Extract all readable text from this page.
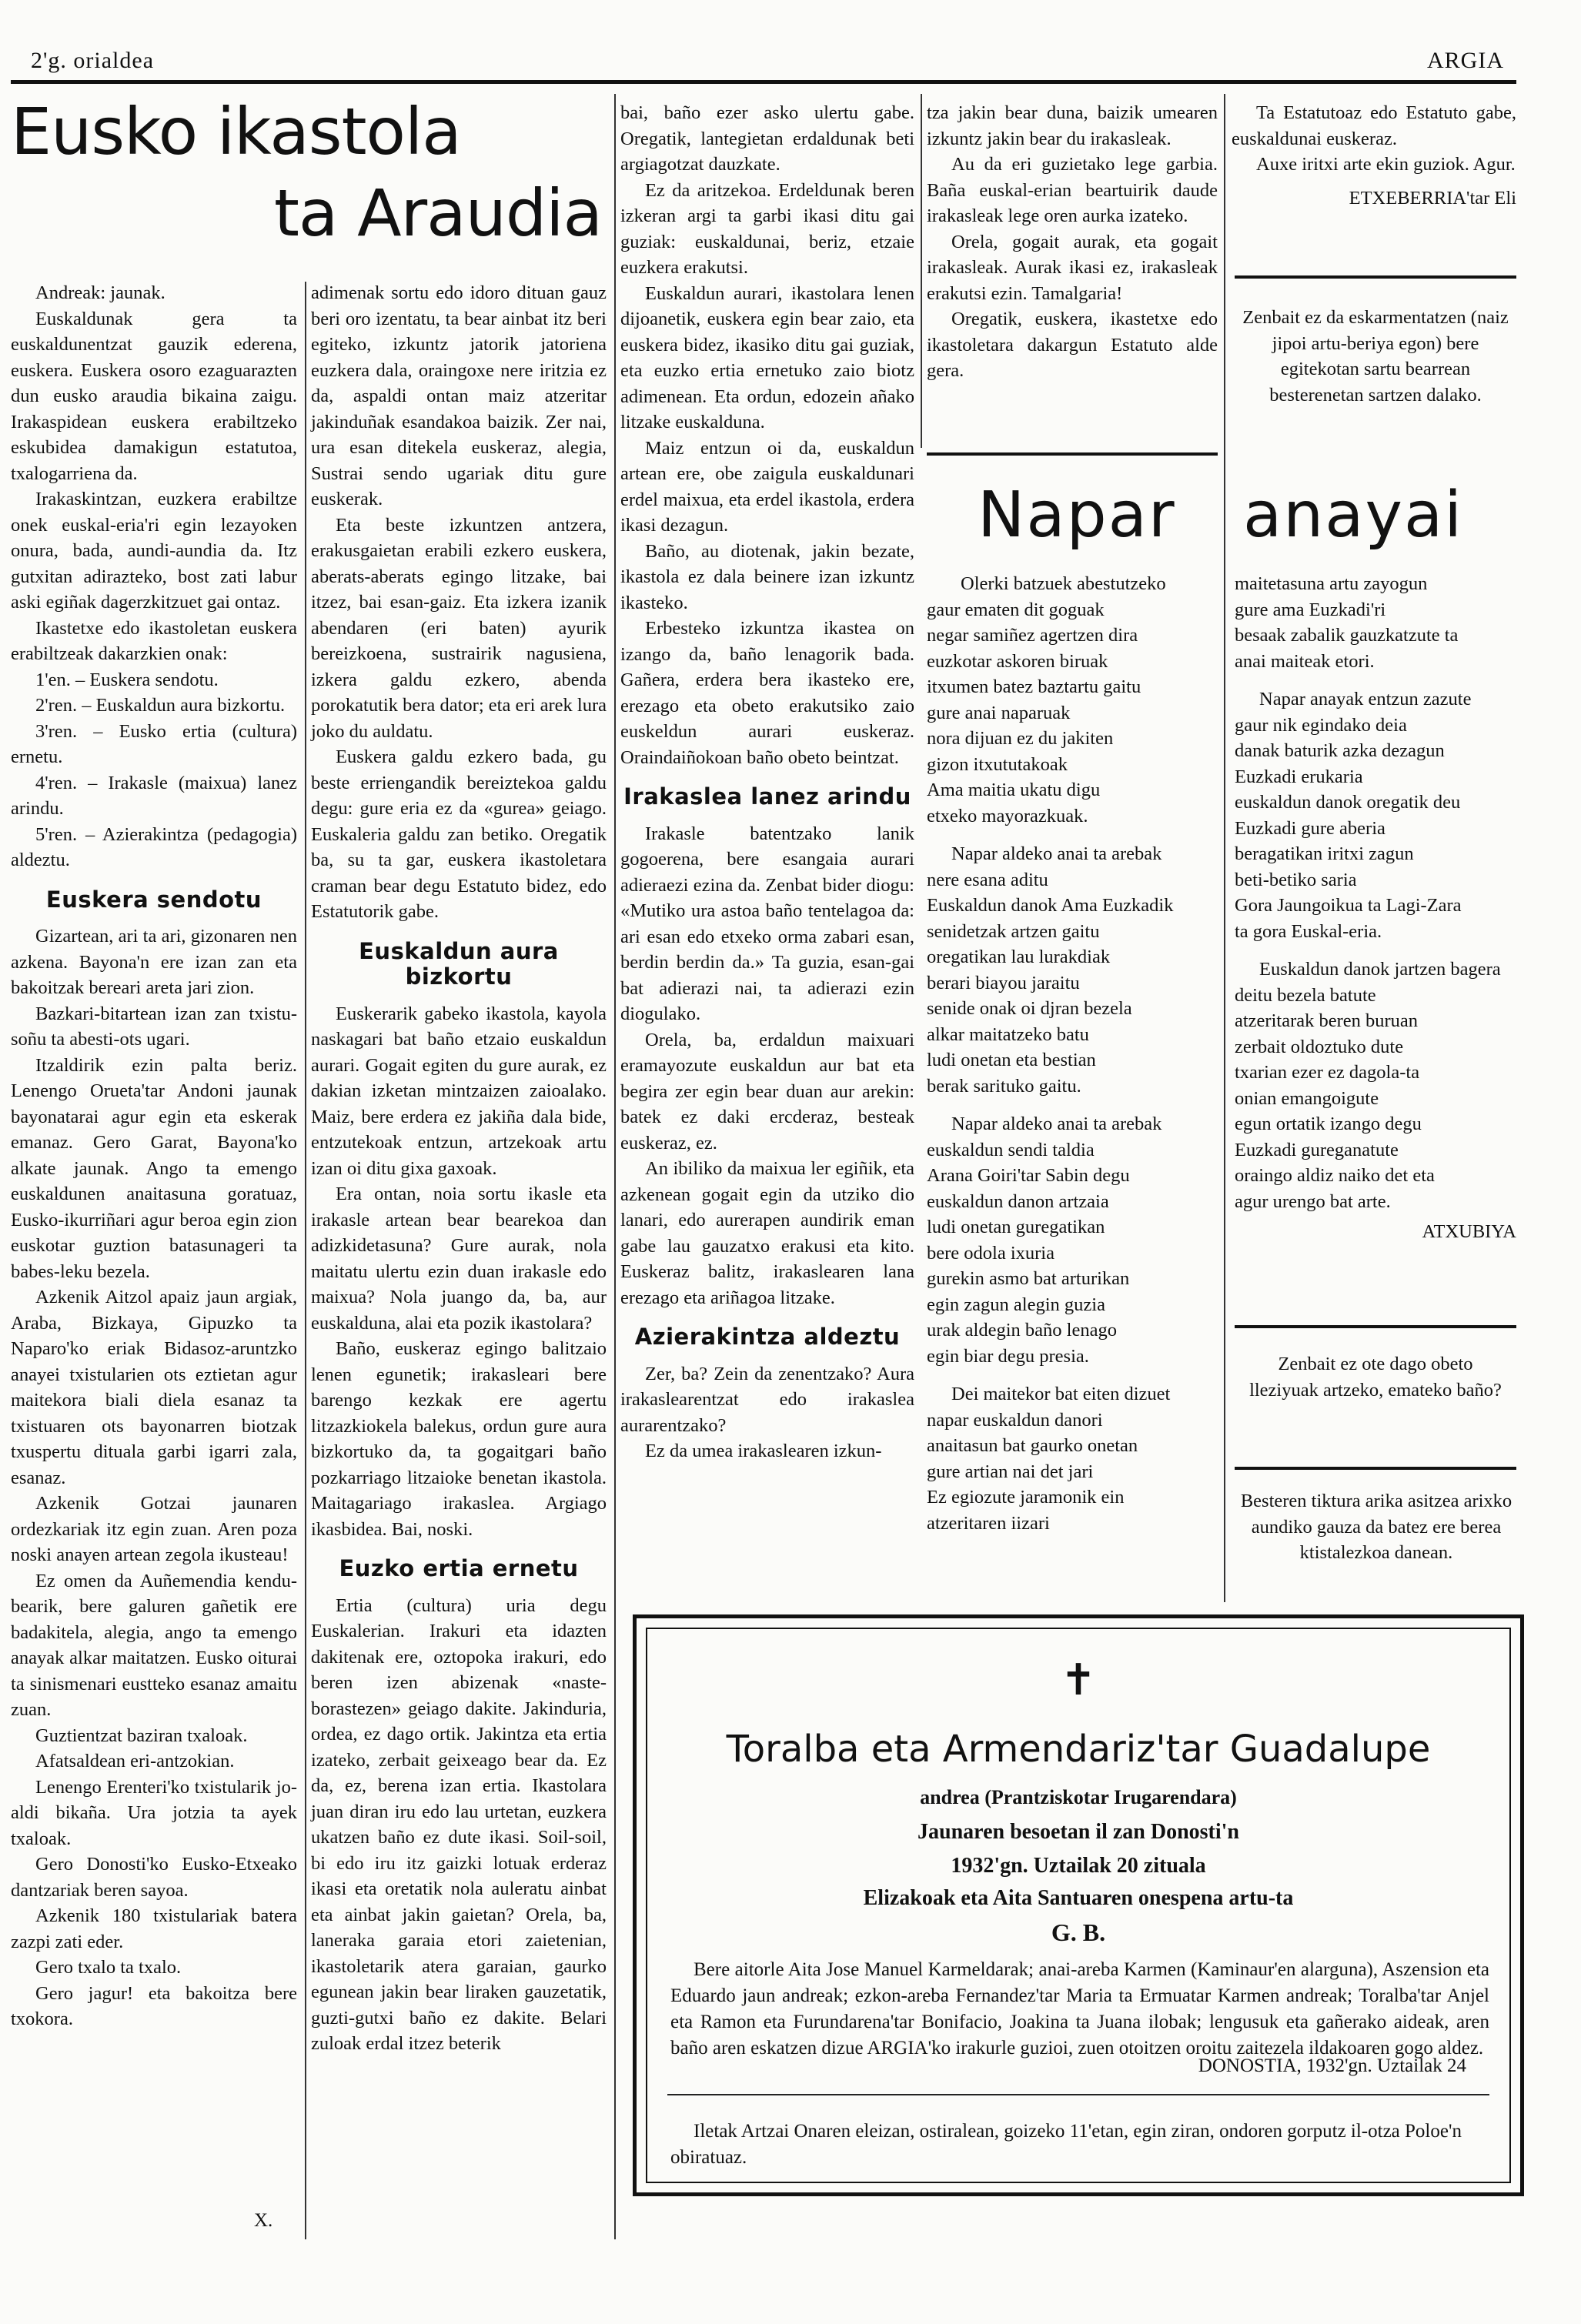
2'g. orialdea	ARGIA
Eusko ikastola
ta Araudia

Andreak: jaunak.

Euskaldunak gera ta euskaldunentzat gauzik ederena, euskera. Euskera osoro ezaguarazten dun eusko araudia bikaina zaigu. Irakaspidean euskera erabiltzeko eskubidea damakigun estatutoa, txalogarriena da.

Irakaskintzan, euzkera erabiltze onek euskal-eria'ri egin lezayoken onura, bada, aundi-aundia da. Itz gutxitan adirazteko, bost zati labur aski egiñak dagerzkitzuet gai ontaz.

Ikastetxe edo ikastoletan euskera erabiltzeak dakarzkien onak:

1'en. – Euskera sendotu.

2'ren. – Euskaldun aura bizkortu.

3'ren. – Eusko ertia (cultura) ernetu.

4'ren. – Irakasle (maixua) lanez arindu.

5'ren. – Azierakintza (pedagogia) aldeztu.

Euskera sendotu

Gizartean, ari ta ari, gizonaren nen azkena. Bayona'n ere izan zan eta bakoitzak bereari areta jari zion.

Bazkari-bitartean izan zan txistu-soñu ta abesti-ots ugari.

Itzaldirik ezin palta beriz. Lenengo Orueta'tar Andoni jaunak bayonatarai agur egin eta eskerak emanaz. Gero Garat, Bayona'ko alkate jaunak. Ango ta emengo euskaldunen anaitasuna goratuaz, Eusko-ikurriñari agur beroa egin zion euskotar guztion batasunageri ta babes-leku bezela.

Azkenik Aitzol apaiz jaun argiak, Araba, Bizkaya, Gipuzko ta Naparo'ko eriak Bidasoz-aruntzko anayei txistularien ots eztietan agur maitekora biali diela esanaz ta txistuaren ots bayonarren biotzak txuspertu dituala garbi igarri zala, esanaz.

Azkenik Gotzai jaunaren ordezkariak itz egin zuan. Aren poza noski anayen artean zegola ikusteau!

Ez omen da Auñemendia kendu-bearik, bere galuren gañetik ere badakitela, alegia, ango ta emengo anayak alkar maitatzen. Eusko oiturai ta sinismenari eustteko esanaz amaitu zuan.

Guztientzat baziran txaloak.

Afatsaldean eri-antzokian.

Lenengo Erenteri'ko txistularik jo-aldi bikaña. Ura jotzia ta ayek txaloak.

Gero Donosti'ko Eusko-Etxeako dantzariak beren sayoa.

Azkenik 180 txistulariak batera zazpi zati eder.

Gero txalo ta txalo.

Gero jagur! eta bakoitza bere txokora.

X.

adimenak sortu edo idoro dituan gauz beri oro izentatu, ta bear ainbat itz beri egiteko, izkuntz jatorik jatoriena euzkera dala, oraingoxe nere iritzia ez da, aspaldi ontan maiz atzeritar jakinduñak esandakoa baizik. Zer nai, ura esan ditekela euskeraz, alegia, Sustrai sendo ugariak ditu gure euskerak.

Eta beste izkuntzen antzera, erakusgaietan erabili ezkero euskera, aberats-aberats egingo litzake, bai itzez, bai esan-gaiz. Eta izkera izanik abendaren (eri baten) ayurik bereizkoena, sustrairik nagusiena, izkera galdu ezkero, abenda porokatutik bera dator; eta eri arek lura joko du auldatu.

Euskera galdu ezkero bada, gu beste erriengandik bereiztekoa galdu degu: gure eria ez da «gurea» geiago. Euskaleria galdu zan betiko. Oregatik ba, su ta gar, euskera ikastoletara craman bear degu Estatuto bidez, edo Estatutorik gabe.

Euskaldun aura bizkortu

Euskerarik gabeko ikastola, kayola naskagari bat baño etzaio euskaldun aurari. Gogait egiten du gure aurak, ez dakian izketan mintzaizen zaioalako. Maiz, bere erdera ez jakiña dala bide, entzutekoak entzun, artzekoak artu izan oi ditu gixa gaxoak.

Era ontan, noia sortu ikasle eta irakasle artean bear bearekoa dan adizkidetasuna? Gure aurak, nola maitatu ulertu ezin duan irakasle edo maixua? Nola juango da, ba, aur euskalduna, alai eta pozik ikastolara?

Baño, euskeraz egingo balitzaio lenen egunetik; irakasleari bere barengo kezkak ere agertu litzazkiokela balekus, ordun gure aura bizkortuko da, ta gogaitgari baño pozkarriago litzaioke benetan ikastola. Maitagariago irakaslea. Argiago ikasbidea. Bai, noski.

Euzko ertia ernetu

Ertia (cultura) uria degu Euskalerian. Irakuri eta idazten dakitenak ere, oztopoka irakuri, edo beren izen abizenak «naste-borastezen» geiago dakite. Jakinduria, ordea, ez dago ortik. Jakintza eta ertia izateko, zerbait geixeago bear da. Ez da, ez, berena izan ertia. Ikastolara juan diran iru edo lau urtetan, euzkera ukatzen baño ez dute ikasi. Soil-soil, bi edo iru itz gaizki lotuak erderaz ikasi eta oretatik nola auleratu ainbat eta ainbat jakin gaietan? Orela, ba, laneraka garaia etori zaietenian, ikastoletarik atera garaian, gaurko egunean jakin bear liraken gauzetatik, guzti-gutxi baño ez dakite. Belari zuloak erdal itzez beterik

bai, baño ezer asko ulertu gabe. Oregatik, lantegietan erdaldunak beti argiagotzat dauzkate.

Ez da aritzekoa. Erdeldunak beren izkeran argi ta garbi ikasi ditu gai guziak: euskaldunai, beriz, etzaie euzkera erakutsi.

Euskaldun aurari, ikastolara lenen dijoanetik, euskera egin bear zaio, eta euskera bidez, ikasiko ditu gai guziak, eta euzko ertia ernetuko zaio biotz adimenean. Eta ordun, edozein añako litzake euskalduna.

Maiz entzun oi da, euskaldun artean ere, obe zaigula euskaldunari erdel maixua, eta erdel ikastola, erdera ikasi dezagun.

Baño, au diotenak, jakin bezate, ikastola ez dala beinere izan izkuntz ikasteko.

Erbesteko izkuntza ikastea on izango da, baño lenagorik bada. Gañera, erdera bera ikasteko ere, erezago eta obeto erakutsiko zaio euskeldun aurari euskeraz. Oraindaiñokoan baño obeto beintzat.

Irakaslea lanez arindu

Irakasle batentzako lanik gogoerena, bere esangaia aurari adieraezi ezina da. Zenbat bider diogu: «Mutiko ura astoa baño tentelagoa da: ari esan edo etxeko orma zabari esan, berdin berdin da.» Ta guzia, esan-gai bat adierazi nai, ta adierazi ezin diogulako.

Orela, ba, erdaldun maixuari eramayozute euskaldun aur bat eta begira zer egin bear duan aur arekin: batek ez daki ercderaz, besteak euskeraz, ez.

An ibiliko da maixua ler egiñik, eta azkenean gogait egin da utziko dio lanari, edo aurerapen aundirik eman gabe lau gauzatxo erakusi eta kito. Euskeraz balitz, irakaslearen lana erezago eta ariñagoa litzake.

Azierakintza aldeztu

Zer, ba? Zein da zenentzako? Aura irakaslearentzat edo irakaslea aurarentzako?

Ez da umea irakaslearen izkun-

tza jakin bear duna, baizik umearen izkuntz jakin bear du irakasleak.

Au da eri guzietako lege garbia. Baña euskal-erian beartuirik daude irakasleak lege oren aurka izateko.

Orela, gogait aurak, eta gogait irakasleak. Aurak ikasi ez, irakasleak erakutsi ezin. Tamalgaria!

Oregatik, euskera, ikastetxe edo ikastoletara dakargun Estatuto alde gera.

Ta Estatutoaz edo Estatuto gabe, euskaldunai euskeraz.

Auxe iritxi arte ekin guziok. Agur.

ETXEBERRIA'tar Eli

Zenbait ez da eskarmentatzen (naiz jipoi artu-beriya egon) bere egitekotan sartu bearrean besterenetan sartzen dalako.
Napar anayai

Olerki batzuek abestutzeko

gaur ematen dit goguak

negar samiñez agertzen dira

euzkotar askoren biruak

itxumen batez baztartu gaitu

gure anai naparuak

nora dijuan ez du jakiten

gizon itxututakoak

Ama maitia ukatu digu

etxeko mayorazkuak.

Napar aldeko anai ta arebak

nere esana aditu

Euskaldun danok Ama Euzkadik

senidetzak artzen gaitu

oregatikan lau lurakdiak

berari biayou jaraitu

senide onak oi djran bezela

alkar maitatzeko batu

ludi onetan eta bestian

berak sarituko gaitu.

Napar aldeko anai ta arebak

euskaldun sendi taldia

Arana Goiri'tar Sabin degu

euskaldun danon artzaia

ludi onetan guregatikan

bere odola ixuria

gurekin asmo bat arturikan

egin zagun alegin guzia

urak aldegin baño lenago

egin biar degu presia.

Dei maitekor bat eiten dizuet

napar euskaldun danori

anaitasun bat gaurko onetan

gure artian nai det jari

Ez egiozute jaramonik ein

atzeritaren iizari

maitetasuna artu zayogun

gure ama Euzkadi'ri

besaak zabalik gauzkatzute ta

anai maiteak etori.

Napar anayak entzun zazute

gaur nik egindako deia

danak baturik azka dezagun

Euzkadi erukaria

euskaldun danok oregatik deu

Euzkadi gure aberia

beragatikan iritxi zagun

beti-betiko saria

Gora Jaungoikua ta Lagi-Zara

ta gora Euskal-eria.

Euskaldun danok jartzen bagera

deitu bezela batute

atzeritarak beren buruan

zerbait oldoztuko dute

txarian ezer ez dagola-ta

onian emangoigute

egun ortatik izango degu

Euzkadi gureganatute

oraingo aldiz naiko det eta

agur urengo bat arte.

ATXUBIYA

Zenbait ez ote dago obeto lleziyuak artzeko, emateko baño?
Besteren tiktura arika asitzea arixko aundiko gauza da batez ere berea ktistalezkoa danean.
✝
Toralba eta Armendariz'tar Guadalupe
andrea (Prantziskotar Irugarendara)
Jaunaren besoetan il zan Donosti'n
1932'gn. Uztailak 20 zituala
Elizakoak eta Aita Santuaren onespena artu-ta
G. B.
Bere aitorle Aita Jose Manuel Karmeldarak; anai-areba Karmen (Kaminaur'en alarguna), Aszension eta Eduardo jaun andreak; ezkon-areba Fernandez'tar Maria ta Ermuatar Karmen andreak; Toralba'tar Anjel eta Ramon eta Furundarena'tar Bonifacio, Joakina ta Juana ilobak; lengusuk eta gañerako aideak, aren baño aren eskatzen dizue ARGIA'ko irakurle guzioi, zuen otoitzen oroitu zaitezela ildakoaren gogo aldez.
DONOSTIA, 1932'gn. Uztailak 24
Iletak Artzai Onaren eleizan, ostiralean, goizeko 11'etan, egin ziran, ondoren gorputz il-otza Poloe'n obiratuaz.
